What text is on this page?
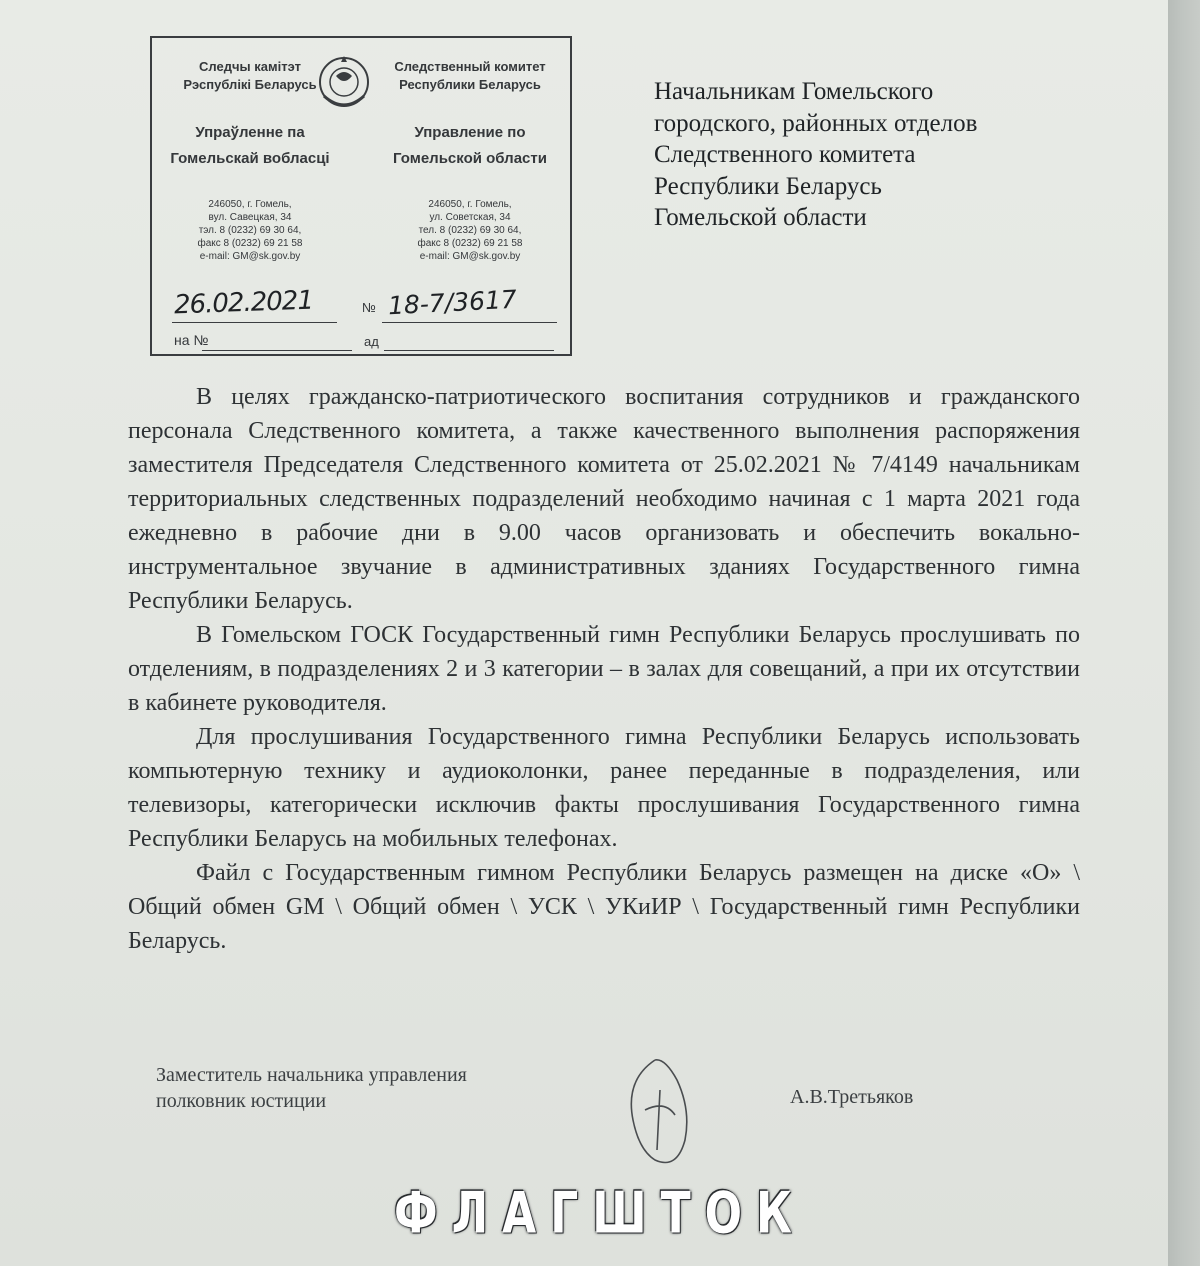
Следчы камітэт
Рэспублікі Беларусь
Упраўленне па
Гомельскай вобласці
246050, г. Гомель,
вул. Савецкая, 34
тэл. 8 (0232) 69 30 64,
факс 8 (0232) 69 21 58
e-mail: GM@sk.gov.by
Следственный комитет
Республики Беларусь
Управление по
Гомельской области
246050, г. Гомель,
ул. Советская, 34
тел. 8 (0232) 69 30 64,
факс 8 (0232) 69 21 58
e-mail: GM@sk.gov.by
26.02.2021	№ 18-7/3617
на №	ад
Начальникам Гомельского
городского, районных отделов
Следственного комитета
Республики Беларусь
Гомельской области

В целях гражданско-патриотического воспитания сотрудников и гражданского персонала Следственного комитета, а также качественного выполнения распоряжения заместителя Председателя Следственного комитета от 25.02.2021 № 7/4149 начальникам территориальных следственных подразделений необходимо начиная с 1 марта 2021 года ежедневно в рабочие дни в 9.00 часов организовать и обеспечить вокально-инструментальное звучание в административных зданиях Государственного гимна Республики Беларусь.

В Гомельском ГОСК Государственный гимн Республики Беларусь прослушивать по отделениям, в подразделениях 2 и 3 категории – в залах для совещаний, а при их отсутствии в кабинете руководителя.

Для прослушивания Государственного гимна Республики Беларусь использовать компьютерную технику и аудиоколонки, ранее переданные в подразделения, или телевизоры, категорически исключив факты прослушивания Государственного гимна Республики Беларусь на мобильных телефонах.

Файл с Государственным гимном Республики Беларусь размещен на диске «O» \ Общий обмен GM \ Общий обмен \ УСК \ УКиИР \ Государственный гимн Республики Беларусь.

Заместитель начальника управления
полковник юстиции	А.В.Третьяков
ФЛАГШТОК
